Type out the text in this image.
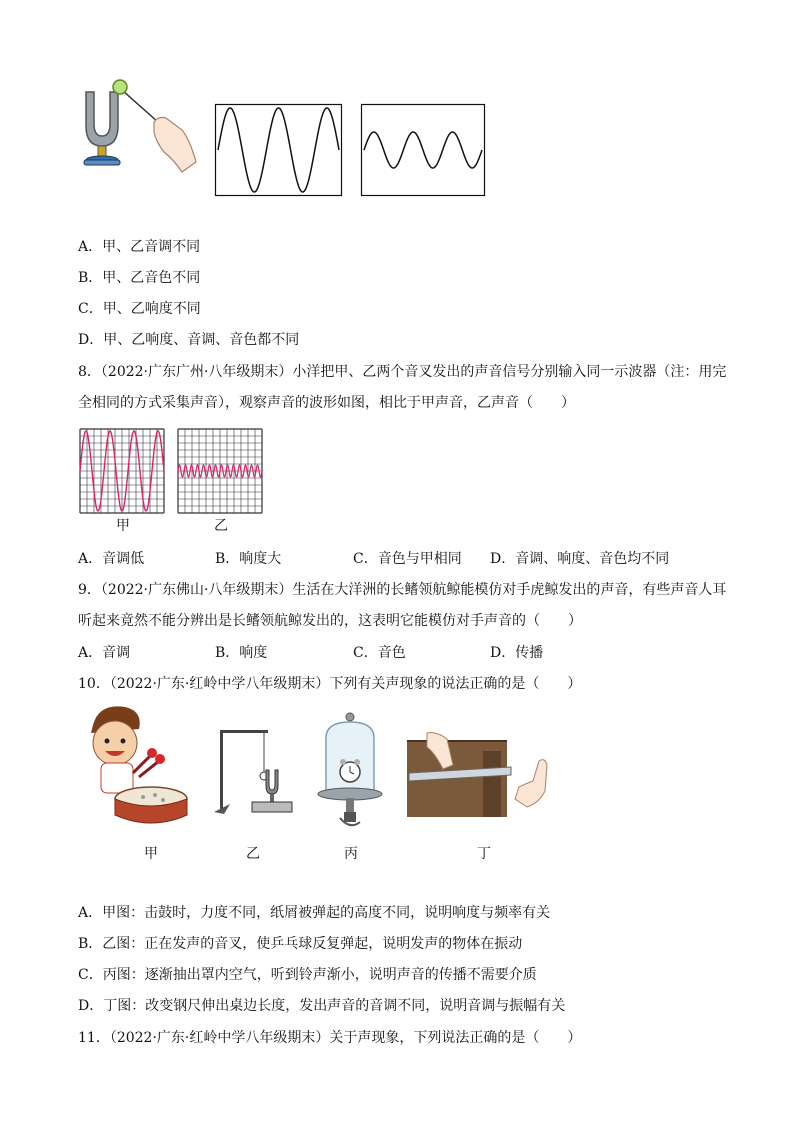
A．甲、乙音调不同
B．甲、乙音色不同
C．甲、乙响度不同
D．甲、乙响度、音调、音色都不同
8．（2022·广东广州·八年级期末）小洋把甲、乙两个音叉发出的声音信号分别输入同一示波器（注：用完
全相同的方式采集声音），观察声音的波形如图，相比于甲声音，乙声音（　　）
甲	乙
A．音调低	B．响度大	C．音色与甲相同 D．音调、响度、音色均不同
9．（2022·广东佛山·八年级期末）生活在大洋洲的长鳍领航鲸能模仿对手虎鲸发出的声音，有些声音人耳
听起来竟然不能分辨出是长鳍领航鲸发出的，这表明它能模仿对手声音的（　　）
A．音调	B．响度	C．音色	D．传播
10．（2022·广东·红岭中学八年级期末）下列有关声现象的说法正确的是（　　）
甲	乙	丙	丁
A．甲图：击鼓时，力度不同，纸屑被弹起的高度不同，说明响度与频率有关
B．乙图：正在发声的音叉，使乒乓球反复弹起，说明发声的物体在振动
C．丙图：逐渐抽出罩内空气，听到铃声渐小，说明声音的传播不需要介质
D．丁图：改变钢尺伸出桌边长度，发出声音的音调不同，说明音调与振幅有关
11．（2022·广东·红岭中学八年级期末）关于声现象，下列说法正确的是（　　）
